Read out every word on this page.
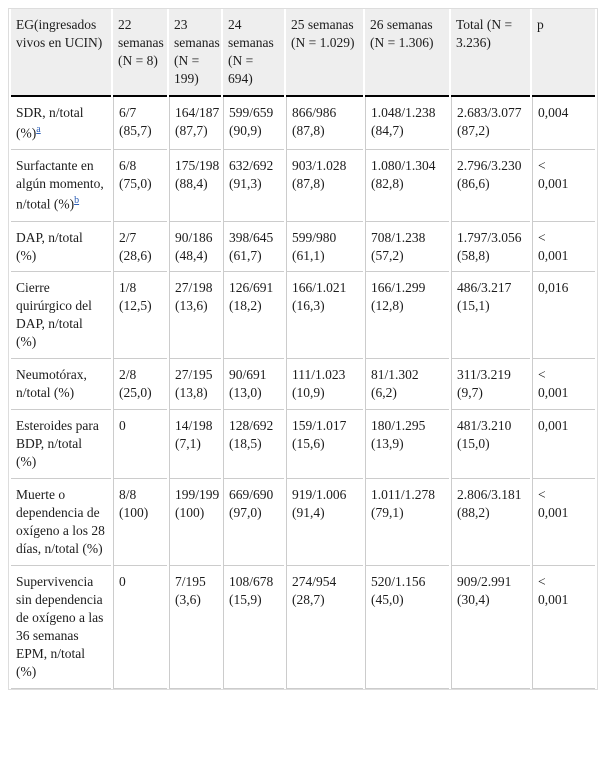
EG(ingresados vivos en UCIN)	22 semanas (N = 8)	23 semanas (N = 199)	24 semanas (N = 694)	25 semanas (N = 1.029)	26 semanas (N = 1.306)	Total (N = 3.236)	p
SDR, n/total (%)$^a$	6/7 (85,7)	164/187 (87,7)	599/659 (90,9)	866/986 (87,8)	1.048/1.238 (84,7)	2.683/3.077 (87,2)	0,004
Surfactante en algún momento, n/total (%)$^b$	6/8 (75,0)	175/198 (88,4)	632/692 (91,3)	903/1.028 (87,8)	1.080/1.304 (82,8)	2.796/3.230 (86,6)	< 0,001
DAP, n/total (%)	2/7 (28,6)	90/186 (48,4)	398/645 (61,7)	599/980 (61,1)	708/1.238 (57,2)	1.797/3.056 (58,8)	< 0,001
Cierre quirúrgico del DAP, n/total (%)	1/8 (12,5)	27/198 (13,6)	126/691 (18,2)	166/1.021 (16,3)	166/1.299 (12,8)	486/3.217 (15,1)	0,016
Neumotórax, n/total (%)	2/8 (25,0)	27/195 (13,8)	90/691 (13,0)	111/1.023 (10,9)	81/1.302 (6,2)	311/3.219 (9,7)	< 0,001
Esteroides para BDP, n/total (%)	0	14/198 (7,1)	128/692 (18,5)	159/1.017 (15,6)	180/1.295 (13,9)	481/3.210 (15,0)	0,001
Muerte o dependencia de oxígeno a los 28 días, n/total (%)	8/8 (100)	199/199 (100)	669/690 (97,0)	919/1.006 (91,4)	1.011/1.278 (79,1)	2.806/3.181 (88,2)	< 0,001
Supervivencia sin dependencia de oxígeno a las 36 semanas EPM, n/total (%)	0	7/195 (3,6)	108/678 (15,9)	274/954 (28,7)	520/1.156 (45,0)	909/2.991 (30,4)	< 0,001
